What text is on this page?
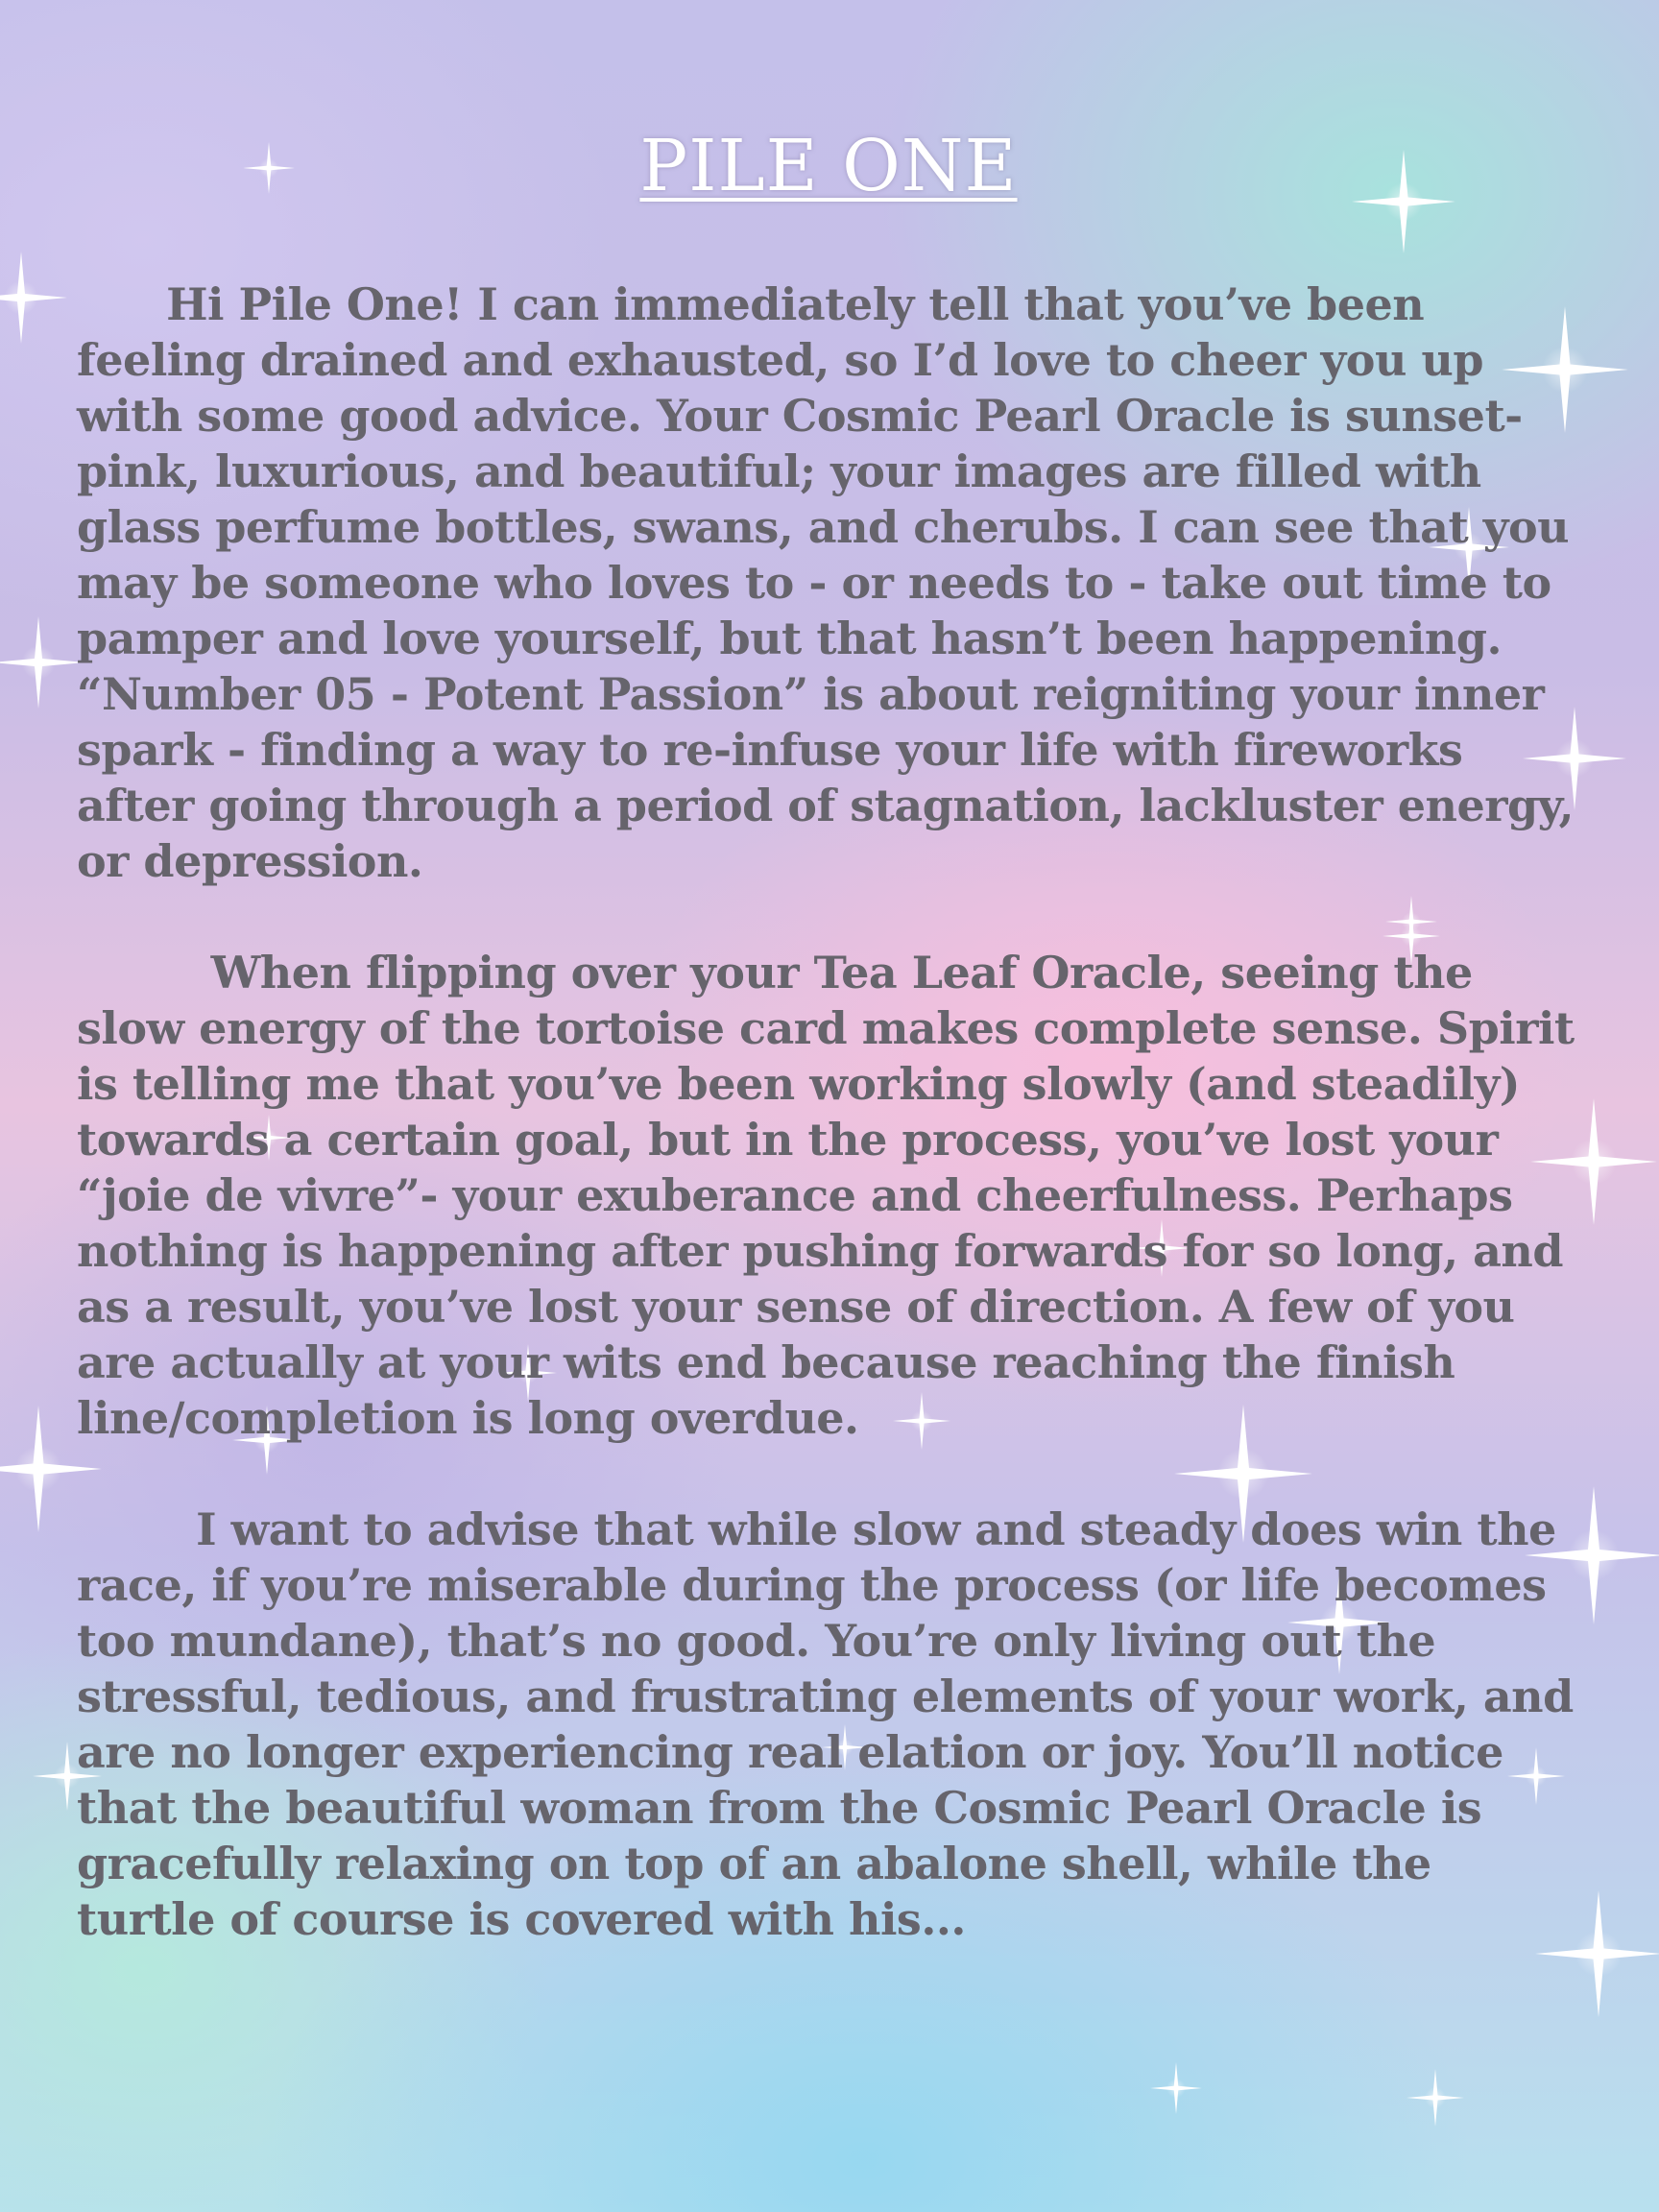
PILE ONE

Hi Pile One! I can immediately tell that you’ve been
feeling drained and exhausted, so I’d love to cheer you up
with some good advice. Your Cosmic Pearl Oracle is sunset-
pink, luxurious, and beautiful; your images are filled with
glass perfume bottles, swans, and cherubs. I can see that you
may be someone who loves to - or needs to - take out time to
pamper and love yourself, but that hasn’t been happening.
“Number 05 - Potent Passion” is about reigniting your inner
spark - finding a way to re-infuse your life with fireworks
after going through a period of stagnation, lackluster energy,
or depression.

When flipping over your Tea Leaf Oracle, seeing the
slow energy of the tortoise card makes complete sense. Spirit
is telling me that you’ve been working slowly (and steadily)
towards a certain goal, but in the process, you’ve lost your
“joie de vivre”- your exuberance and cheerfulness. Perhaps
nothing is happening after pushing forwards for so long, and
as a result, you’ve lost your sense of direction. A few of you
are actually at your wits end because reaching the finish
line/completion is long overdue.

I want to advise that while slow and steady does win the
race, if you’re miserable during the process (or life becomes
too mundane), that’s no good. You’re only living out the
stressful, tedious, and frustrating elements of your work, and
are no longer experiencing real elation or joy. You’ll notice
that the beautiful woman from the Cosmic Pearl Oracle is
gracefully relaxing on top of an abalone shell, while the
turtle of course is covered with his...
